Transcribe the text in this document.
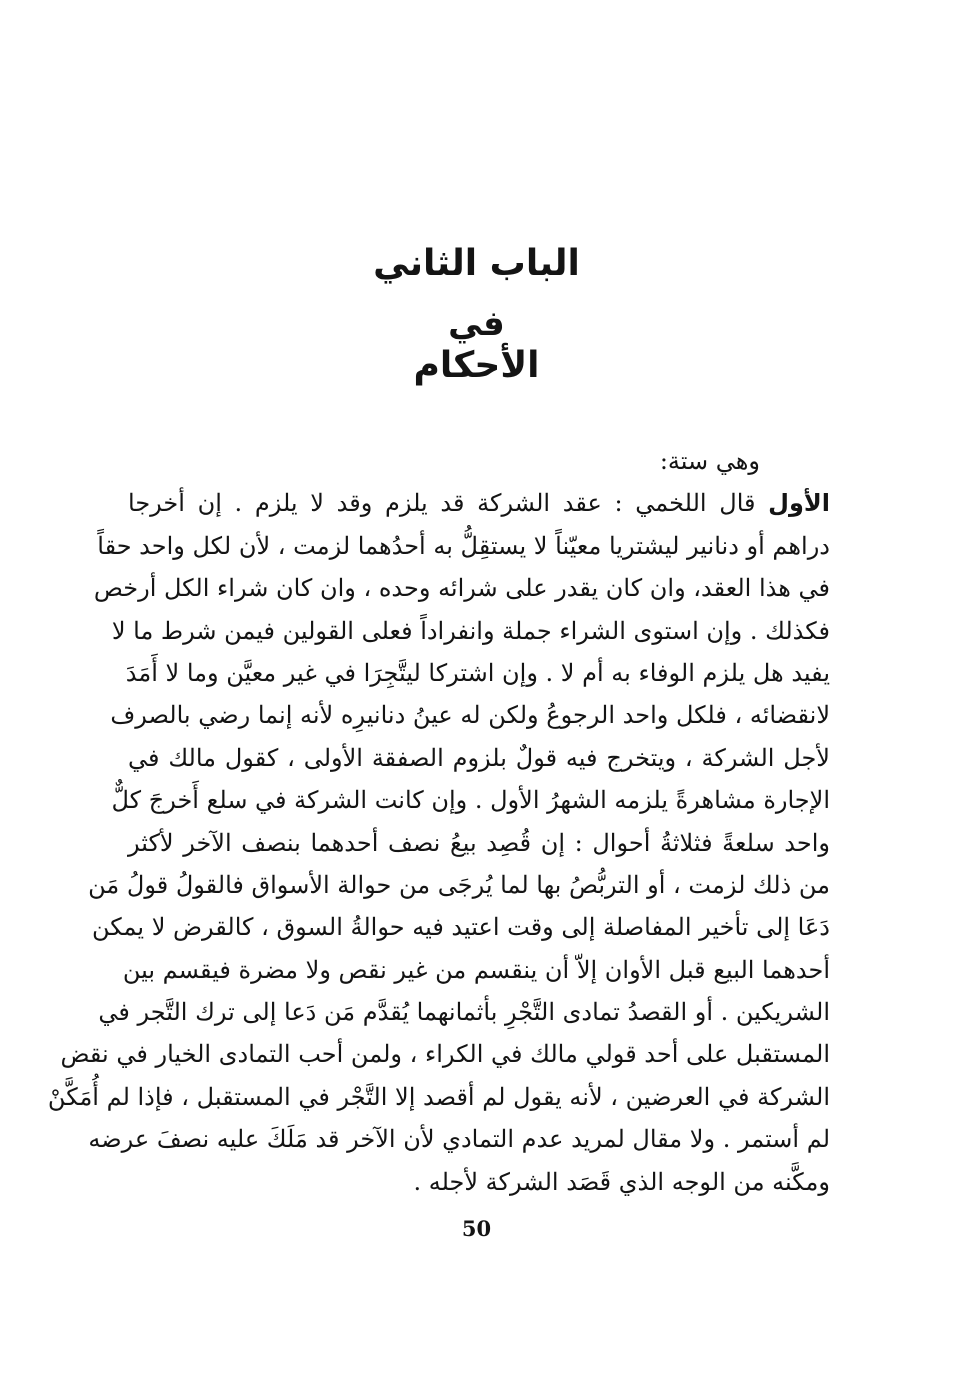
الباب الثاني
في
الأحكام
وهي ستة:
الأول قال اللخمي : عقد الشركة قد يلزم وقد لا يلزم . إن أخرجا
دراهم أو دنانير ليشتريا معيّناً لا يستقِلُّ به أحدُهما لزمت ، لأن لكل واحد حقاً
في هذا العقد، وان كان يقدر على شرائه وحده ، وان كان شراء الكل أرخص
فكذلك . وإن استوى الشراء جملة وانفراداً فعلى القولين فيمن شرط ما لا
يفيد هل يلزم الوفاء به أم لا . وإن اشتركا ليتَّجِرَا في غير معيَّن وما لا أَمَدَ
لانقضائه ، فلكل واحد الرجوعُ ولكن له عينُ دنانيرِه لأنه إنما رضي بالصرف
لأجل الشركة ، ويتخرج فيه قولٌ بلزوم الصفقة الأولى ، كقول مالك في
الإجارة مشاهرةً يلزمه الشهرُ الأول . وإن كانت الشركة في سلع أَخرجَ كلٌّ
واحد سلعةً فثلاثةُ أحوال : إن قُصِد بيعُ نصف أحدهما بنصف الآخر لأكثر
من ذلك لزمت ، أو التربُّصُ بها لما يُرجَى من حوالة الأسواق فالقولُ قولُ مَن
دَعَا إلى تأخير المفاصلة إلى وقت اعتيد فيه حوالةُ السوق ، كالقرض لا يمكن
أحدهما البيع قبل الأوان إلاّ أن ينقسم من غير نقص ولا مضرة فيقسم بين
الشريكين . أو القصدُ تمادى التَّجْرِ بأثمانهما يُقدَّم مَن دَعا إلى ترك التَّجر في
المستقبل على أحد قولي مالك في الكراء ، ولمن أحب التمادى الخيار في نقض
الشركة في العرضين ، لأنه يقول لم أقصد إلا التَّجْر في المستقبل ، فإذا لم أُمَكَّنْ
لم أستمر . ولا مقال لمريد عدم التمادي لأن الآخر قد مَلَكَ عليه نصفَ عرضه
ومكَّنه من الوجه الذي قَصَد الشركة لأجله .
50
